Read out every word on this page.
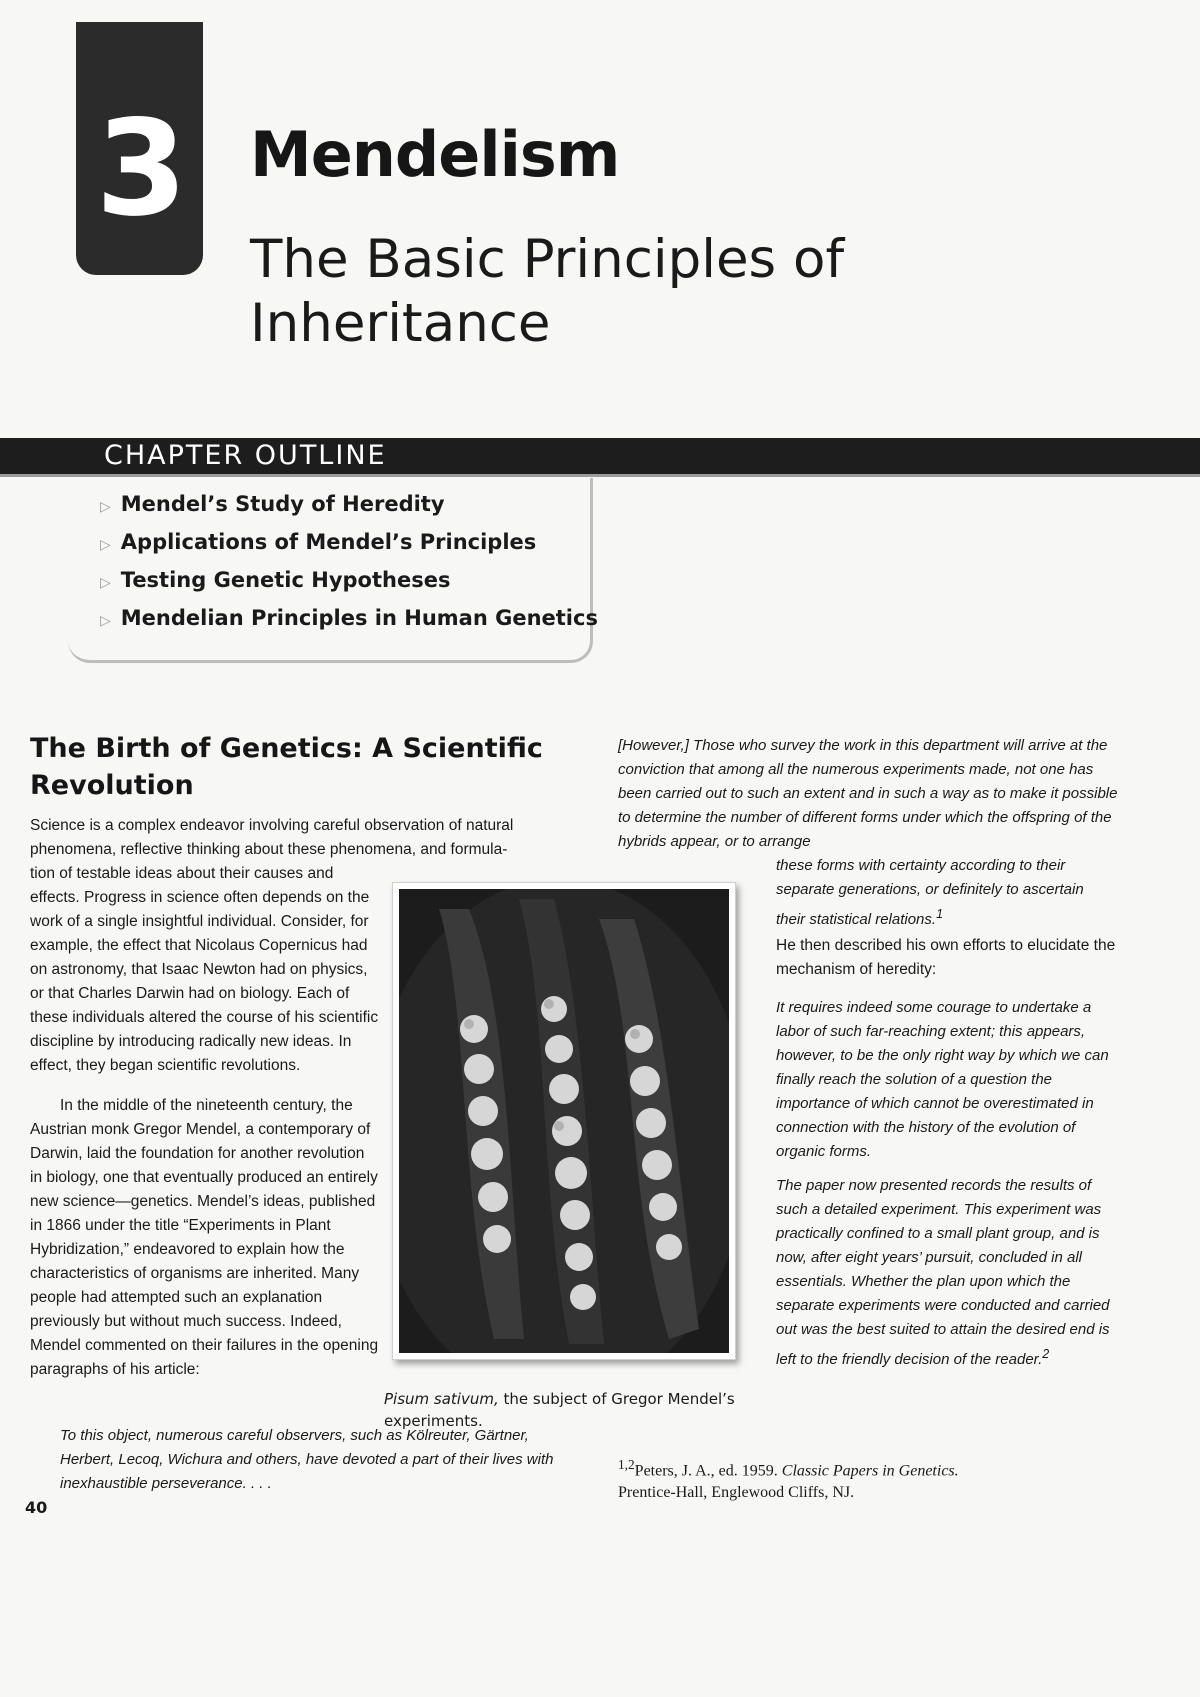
3 Mendelism
The Basic Principles of Inheritance
CHAPTER OUTLINE
▷ Mendel’s Study of Heredity
▷ Applications of Mendel’s Principles
▷ Testing Genetic Hypotheses
▷ Mendelian Principles in Human Genetics
The Birth of Genetics: A Scientific Revolution

Science is a complex endeavor involving careful observation of natural phenomena, reflective thinking about these phenomena, and formula-

tion of testable ideas about their causes and effects. Progress in science often depends on the work of a single insightful individual. Consider, for example, the effect that Nicolaus Copernicus had on astronomy, that Isaac Newton had on physics, or that Charles Darwin had on biology. Each of these individuals altered the course of his scientific discipline by introducing radically new ideas. In effect, they began scientific revolutions.

In the middle of the nineteenth century, the Austrian monk Gregor Mendel, a contemporary of Darwin, laid the foundation for another revolution in biology, one that eventually produced an entirely new science—genetics. Mendel’s ideas, published in 1866 under the title “Experiments in Plant Hybridization,” endeavored to explain how the characteristics of organisms are inherited. Many people had attempted such an explanation previously but without much success. Indeed, Mendel commented on their failures in the opening paragraphs of his article:

To this object, numerous careful observers, such as Kölreuter, Gärtner, Herbert, Lecoq, Wichura and others, have devoted a part of their lives with inexhaustible perseverance. . . .

40

Pisum sativum, the subject of Gregor Mendel’s experiments.

[However,] Those who survey the work in this department will arrive at the conviction that among all the numerous experiments made, not one has been carried out to such an extent and in such a way as to make it possible to determine the number of different forms under which the offspring of the hybrids appear, or to arrange

these forms with certainty according to their separate generations, or definitely to ascertain their statistical relations.$^1$

He then described his own efforts to elucidate the mechanism of heredity:

It requires indeed some courage to undertake a labor of such far-reaching extent; this appears, however, to be the only right way by which we can finally reach the solution of a question the importance of which cannot be overestimated in connection with the history of the evolution of organic forms.

The paper now presented records the results of such a detailed experiment. This experiment was practically confined to a small plant group, and is now, after eight years’ pursuit, concluded in all essentials. Whether the plan upon which the separate experiments were conducted and carried out was the best suited to attain the desired end is left to the friendly decision of the reader.$^2$

$^{1,2}$Peters, J. A., ed. 1959. Classic Papers in Genetics. Prentice-Hall, Englewood Cliffs, NJ.
